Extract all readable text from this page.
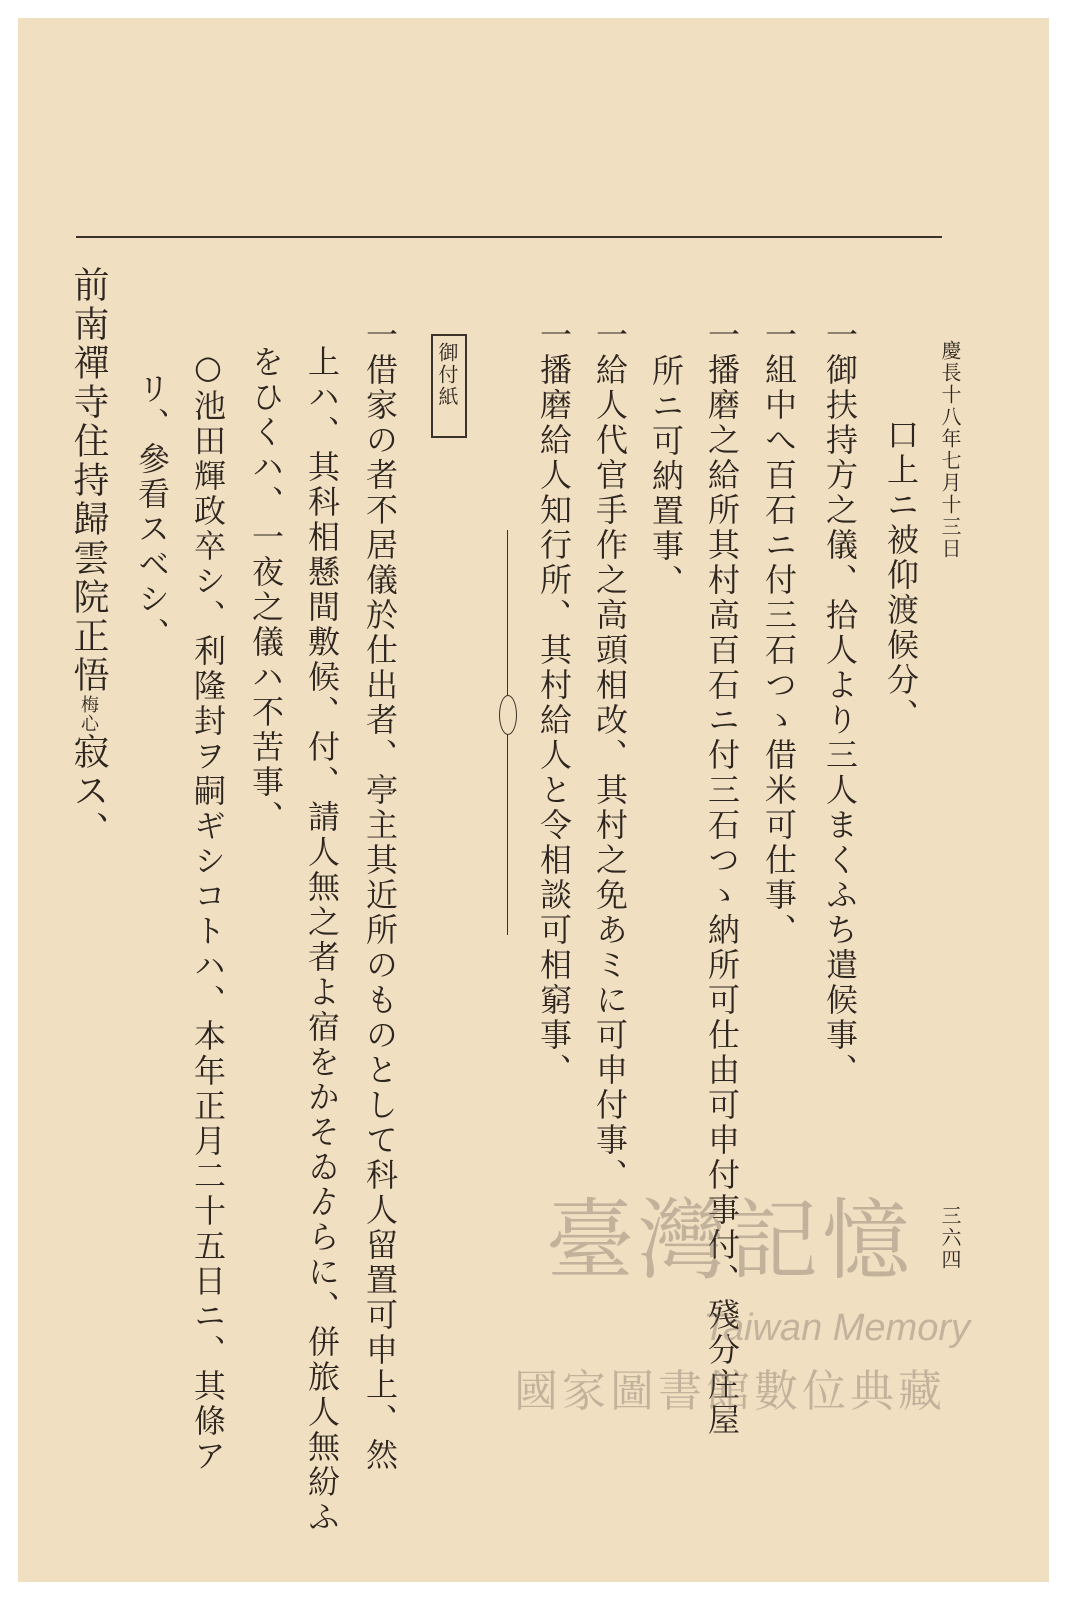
慶長十八年七月十三日
三六四
口上ニ被仰渡候分、
一御扶持方之儀、拾人より三人まくふち遣候事、
一組中へ百石ニ付三石つゝ借米可仕事、
一播磨之給所其村高百石ニ付三石つゝ納所可仕由可申付事付、殘分庄屋
所ニ可納置事、
一給人代官手作之高頭相改、其村之免あミに可申付事、
一播磨給人知行所、其村給人と令相談可相窮事、
御付紙
一借家の者不居儀於仕出者、亭主其近所のものとして科人留置可申上、然
上ハ、其科相懸間敷候、付、請人無之者よ宿をかそゐゟらに、併旅人無紛ふ
をひくハ、一夜之儀ハ不苦事、
○池田輝政卒シ、利隆封ヲ嗣ギシコトハ、本年正月二十五日ニ、其條ア
リ、參看スベシ、
前南禪寺住持歸雲院正悟梅心寂ス、
臺灣記憶
Taiwan Memory
國家圖書館數位典藏
